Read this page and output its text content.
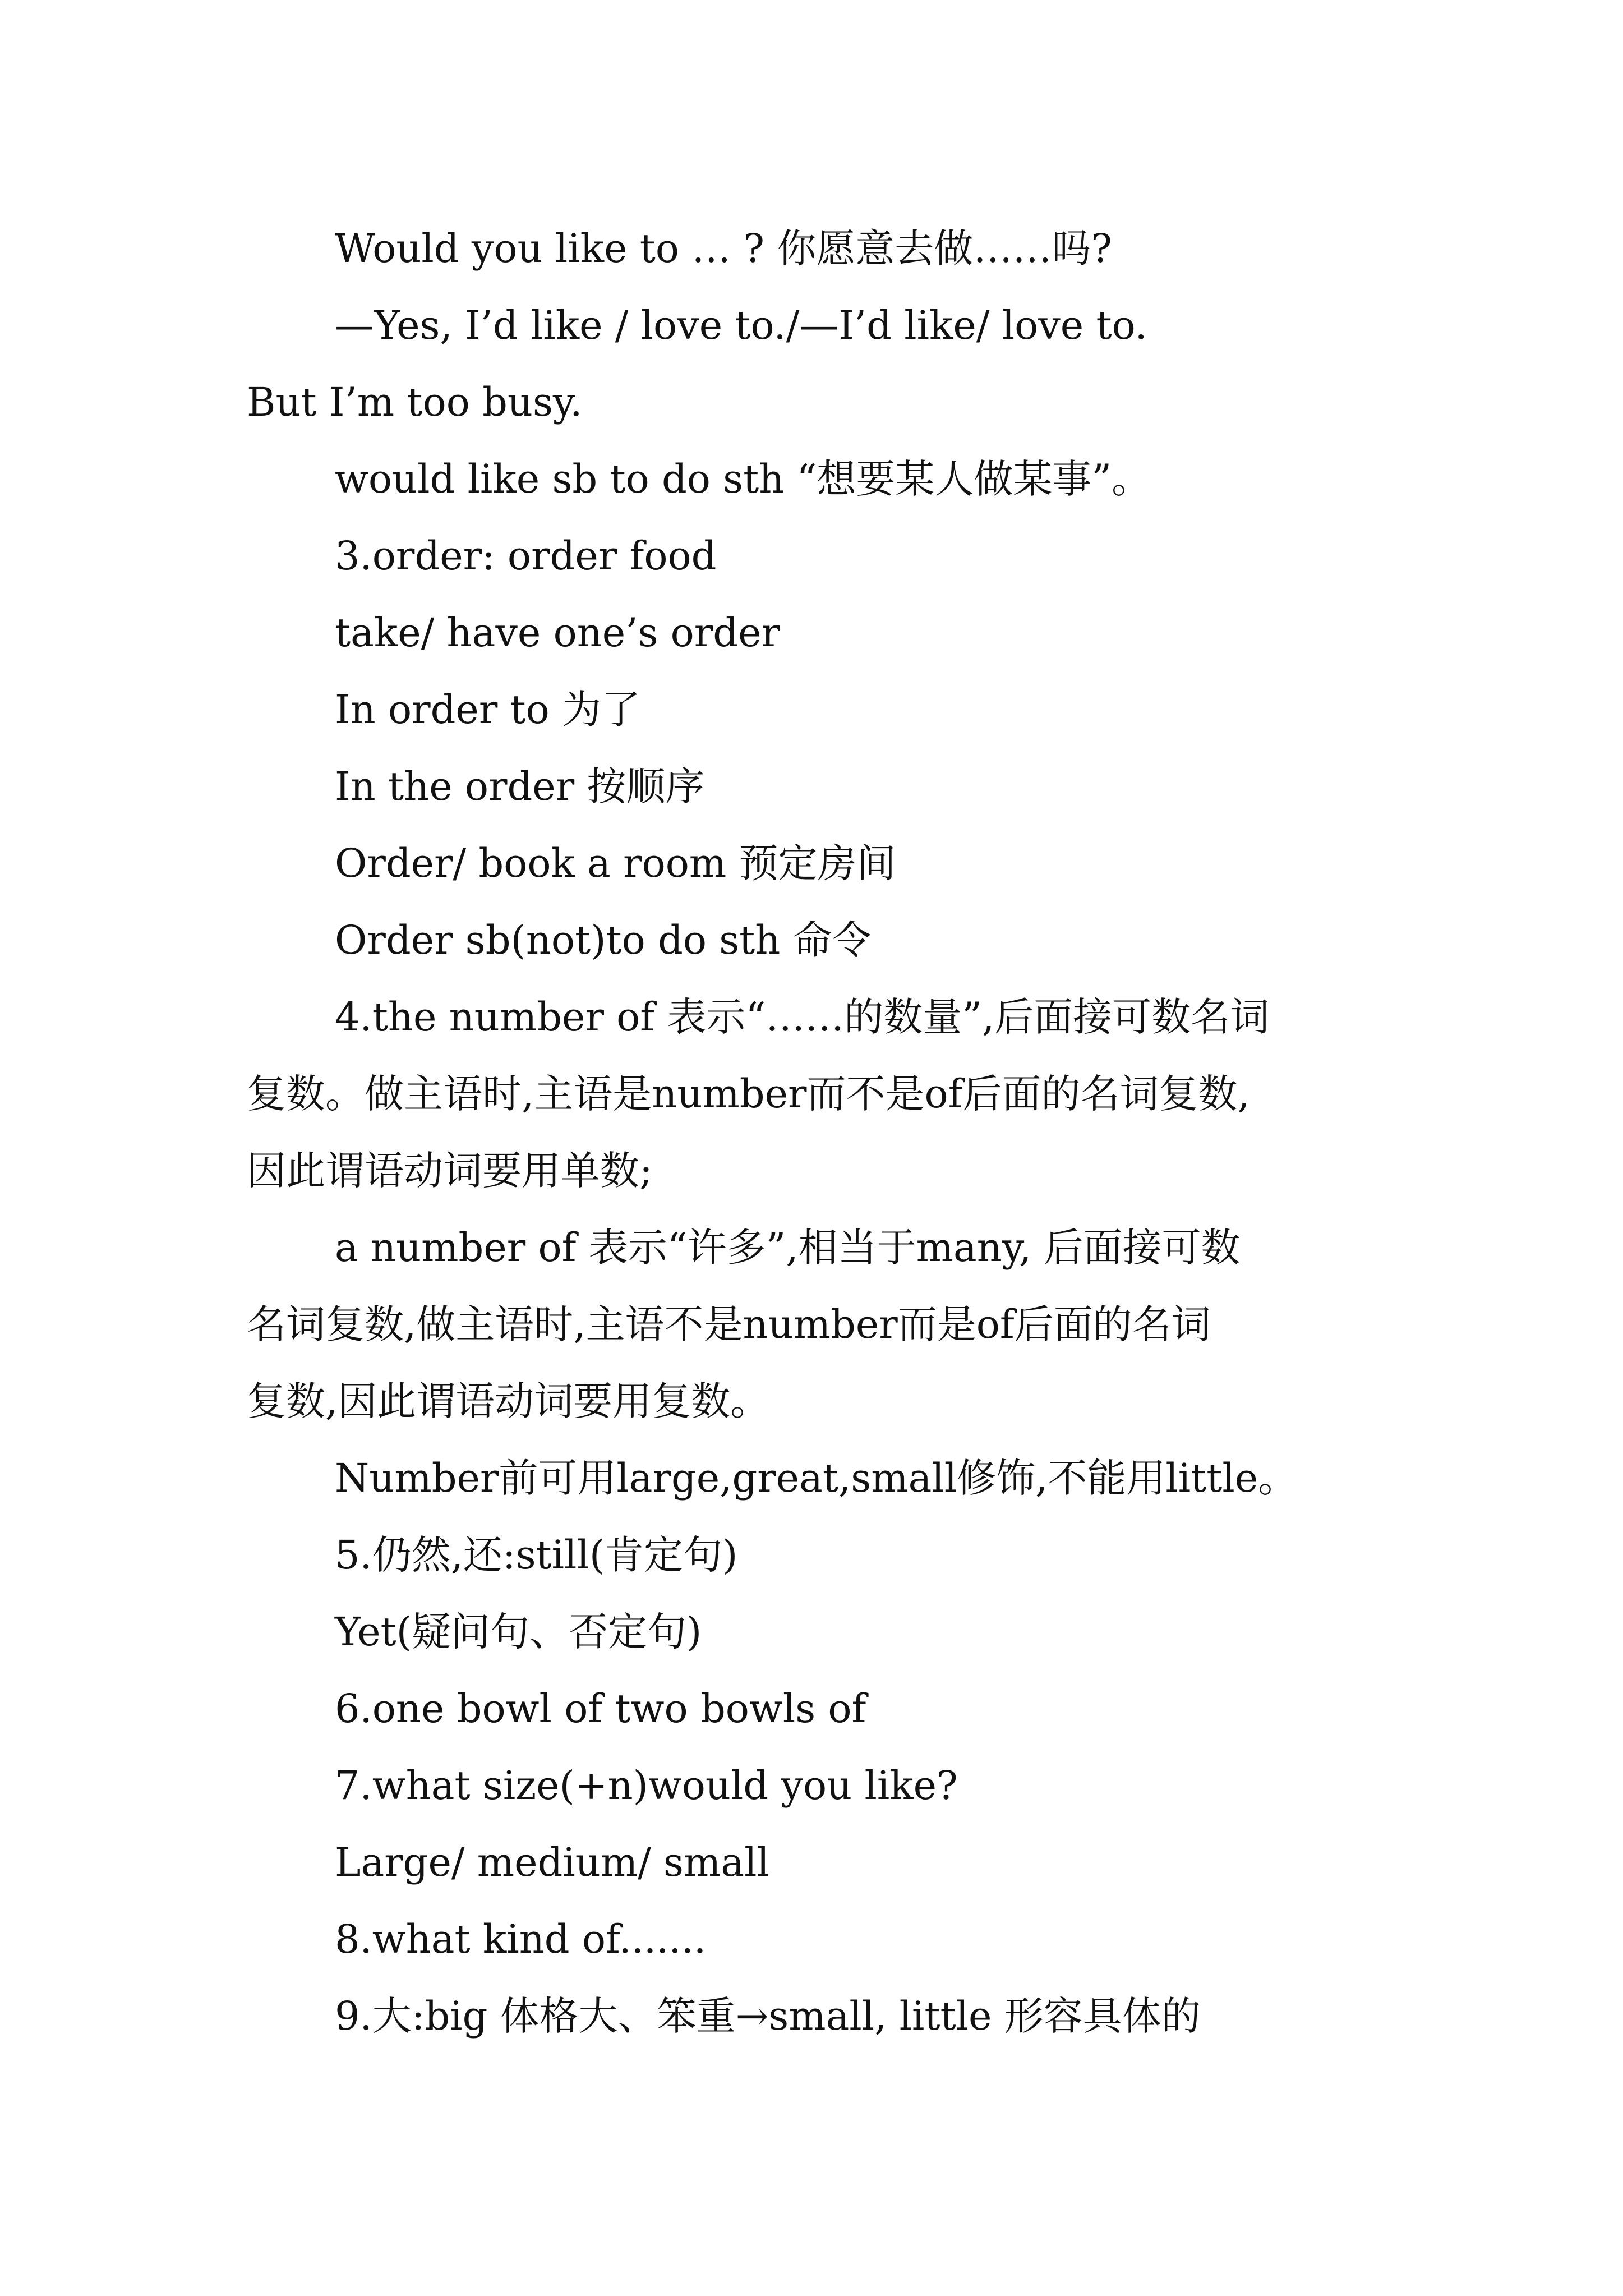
Would you like to … ? 你愿意去做……吗?
—Yes, I’d like / love to./—I’d like/ love to.
But I’m too busy.
would like sb to do sth “想要某人做某事”。
3.order: order food
take/ have one’s order
In order to 为了
In the order 按顺序
Order/ book a room 预定房间
Order sb(not)to do sth 命令
4.the number of 表示“……的数量”,后面接可数名词
复数。做主语时,主语是number而不是of后面的名词复数,
因此谓语动词要用单数;
a number of 表示“许多”,相当于many, 后面接可数
名词复数,做主语时,主语不是number而是of后面的名词
复数,因此谓语动词要用复数。
Number前可用large,great,small修饰,不能用little。
5.仍然,还:still(肯定句)
Yet(疑问句、否定句)
6.one bowl of two bowls of
7.what size(+n)would you like?
Large/ medium/ small
8.what kind of.......
9.大:big 体格大、笨重→small, little 形容具体的
